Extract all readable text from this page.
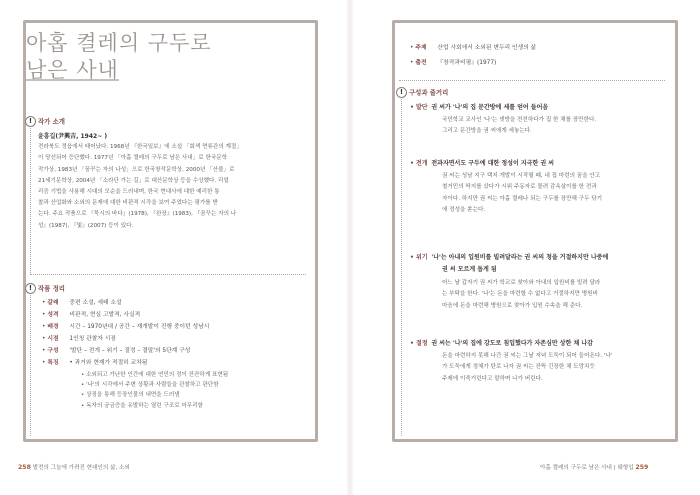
아홉 켤레의 구두로
남은 사내
! 작가 소개
윤흥길(尹興吉, 1942~ )
전라북도 정읍에서 태어났다. 1968년 『한국일보』에 소설 「회색 면류관의 계절」
이 당선되어 등단했다. 1977년 「아홉 켤레의 구두로 남은 사내」로 한국문학
작가상, 1983년 「꿈꾸는 자의 나성」으로 한국창작문학상, 2000년 「산불」로
21세기문학상, 2004년 「소라단 가는 길」로 대산문학상 등을 수상했다. 리얼
리즘 기법을 사용해 시대의 모순을 드러내며, 한국 현대사에 대한 예리한 통
찰과 산업화와 소외의 문제에 대한 비판적 시각을 보여 주었다는 평가를 받
는다. 주요 작품으로 『묵시의 바다』(1978), 『완장』(1983), 『꿈꾸는 자의 나
성』(1987), 『빛』(2007) 등이 있다.
! 작품 정리
• 갈래 중편 소설, 세태 소설
• 성격 비판적, 현실 고발적, 사실적
• 배경 시간 – 1970년대 / 공간 – 재개발이 진행 중이던 성남시
• 시점 1인칭 관찰자 시점
• 구성 '발단 – 전개 – 위기 – 절정 – 결말'의 5단계 구성
• 특징 • 과거와 현재가 적절히 교차됨
• 소외되고 가난한 인간에 대한 연민의 정이 잔잔하게 표현됨
• '나'의 시각에서 주변 상황과 사람들을 관찰하고 판단함
• 상징을 통해 등장인물의 내면을 드러냄
• 독자의 궁금증을 유발하는 열린 구조로 마무리함
258 발전의 그늘에 가려진 현대인의 삶, 소외
• 주제 산업 사회에서 소외된 변두리 인생의 삶
• 출전 『창작과비평』(1977)
! 구성과 줄거리
• 발단 권 씨가 '나'의 집 문간방에 세를 얻어 들어옴
국민학교 교사인 '나'는 셋방을 전전하다가 집 한 채를 장만한다.
그리고 문간방을 권 씨에게 세놓는다.
• 전개 전과자면서도 구두에 대한 정성이 지극한 권 씨
권 씨는 성남 지구 택지 개발이 시작될 때, 내 집 마련의 꿈을 안고
철거민의 딱지를 샀다가 시위 주동자로 몰려 감옥살이를 한 전과
자이다. 하지만 권 씨는 아홉 켤레나 되는 구두를 장만해 구두 닦기
에 정성을 쏟는다.
• 위기 '나'는 아내의 입원비를 빌려달라는 권 씨의 청을 거절하지만 나중에
권 씨 모르게 돕게 됨
어느 날 갑자기 권 씨가 학교로 찾아와 아내의 입원비를 빌려 달라
는 부탁을 한다. '나'는 돈을 마련할 수 없다고 거절하지만 병원비
마음에 돈을 마련해 병원으로 찾아가 입원 수속을 해 준다.
• 절정 권 씨는 '나'의 집에 강도로 침입했다가 자존심만 상한 채 나감
돈을 마련하지 못해 나간 권 씨는 그날 저녁 도둑이 되어 들어온다. '나'
가 도둑에게 정체가 탄로 나자 권 씨는 잔뜩 긴장한 채 도망치듯
주제에 이죽거린다고 말하며 나가 버린다.
아홉 켤레의 구두로 남은 사내 | 웨형입 259
